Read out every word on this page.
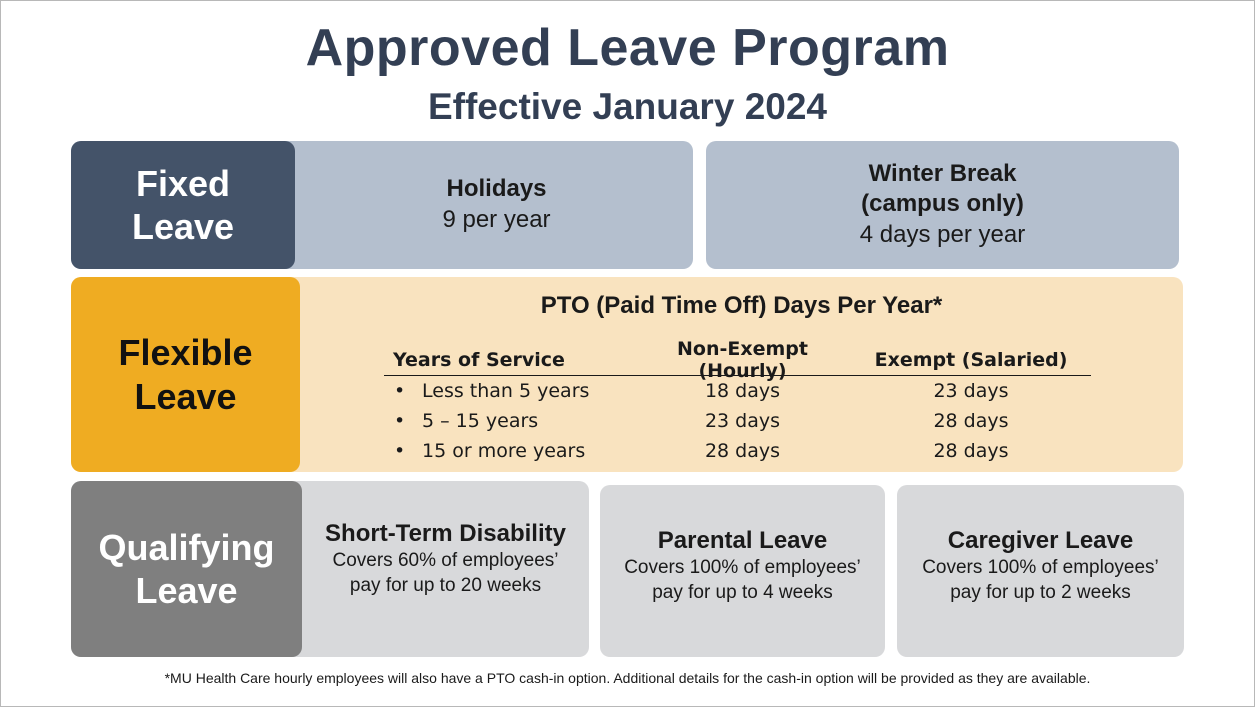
Approved Leave Program
Effective January 2024
Fixed
Leave
Holidays
9 per year
Winter Break
(campus only)
4 days per year
Flexible
Leave
PTO (Paid Time Off) Days Per Year*
Years of Service	Non-Exempt (Hourly)	Exempt (Salaried)
• Less than 5 years	18 days	23 days
• 5 – 15 years	23 days	28 days
• 15 or more years	28 days	28 days
Qualifying
Leave
Short-Term Disability
Covers 60% of employees’
pay for up to 20 weeks
Parental Leave
Covers 100% of employees’
pay for up to 4 weeks
Caregiver Leave
Covers 100% of employees’
pay for up to 2 weeks
*MU Health Care hourly employees will also have a PTO cash-in option. Additional details for the cash-in option will be provided as they are available.
